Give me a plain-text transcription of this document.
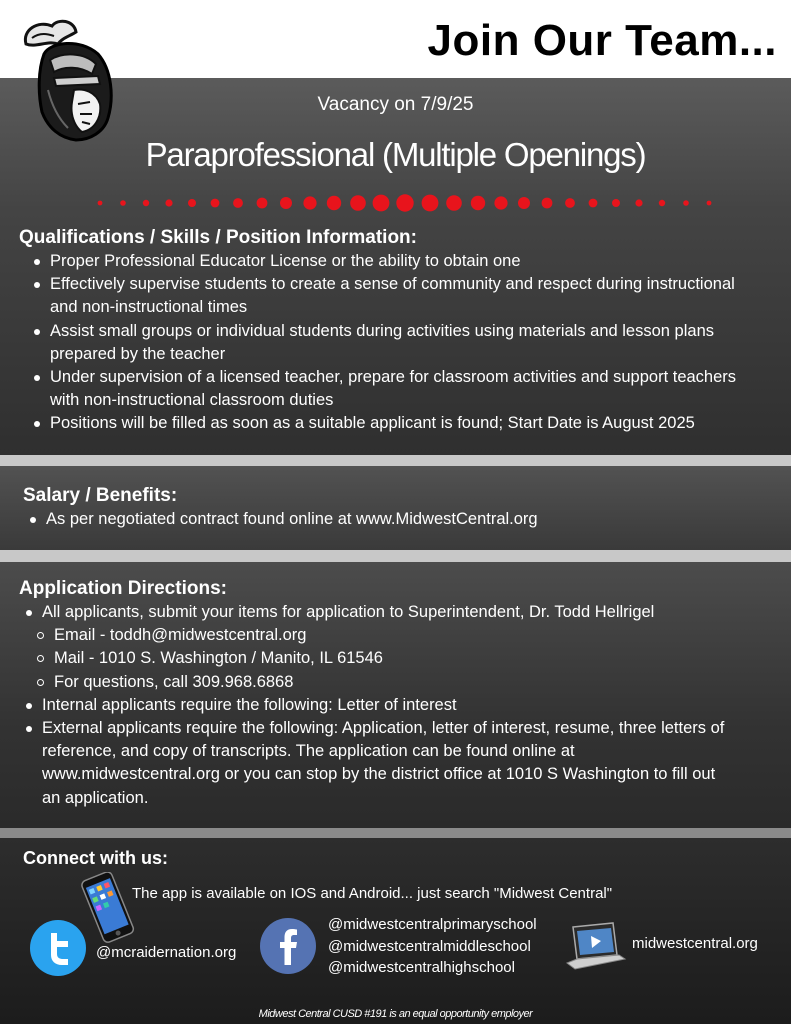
Join Our Team...
Vacancy on 7/9/25
Paraprofessional (Multiple Openings)
Qualifications / Skills / Position Information:
Proper Professional Educator License or the ability to obtain one
Effectively supervise students to create a sense of community and respect during instructional and non-instructional times
Assist small groups or individual students during activities using materials and lesson plans prepared by the teacher
Under supervision of a licensed teacher, prepare for classroom activities and support teachers with non-instructional classroom duties
Positions will be filled as soon as a suitable applicant is found; Start Date is August 2025
Salary / Benefits:
As per negotiated contract found online at www.MidwestCentral.org
Application Directions:
All applicants, submit your items for application to Superintendent, Dr. Todd Hellrigel
Email - toddh@midwestcentral.org
Mail - 1010 S. Washington / Manito, IL 61546
For questions, call 309.968.6868
Internal applicants require the following: Letter of interest
External applicants require the following: Application, letter of interest, resume, three letters of reference, and copy of transcripts. The application can be found online at www.midwestcentral.org or you can stop by the district office at 1010 S Washington to fill out an application.
Connect with us:
The app is available on IOS and Android... just search "Midwest Central"
@mcraidernation.org
@midwestcentralprimaryschool
@midwestcentralmiddleschool
@midwestcentralhighschool
midwestcentral.org
Midwest Central CUSD #191 is an equal opportunity employer
